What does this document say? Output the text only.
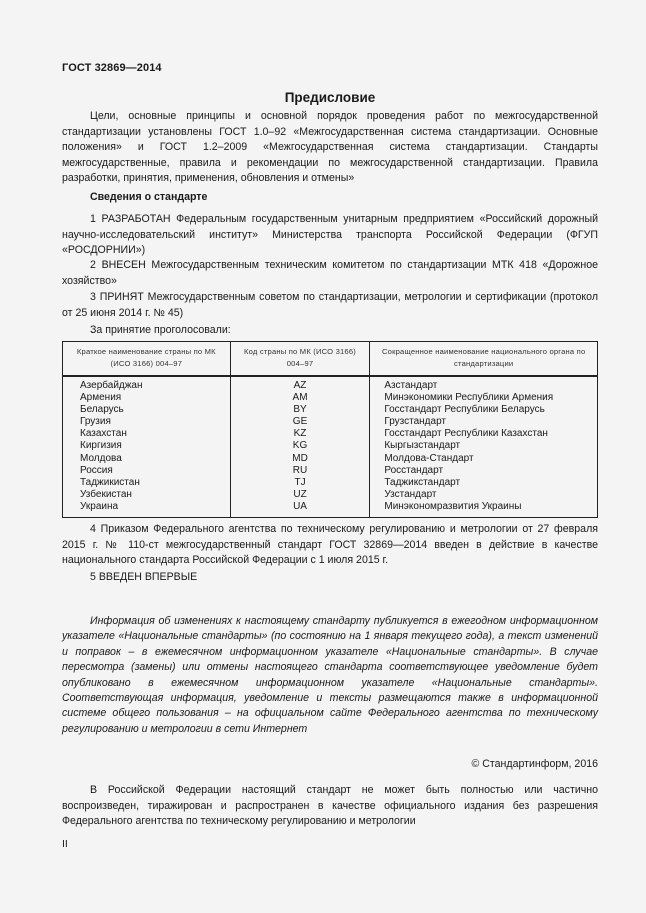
ГОСТ 32869—2014
Предисловие

Цели, основные принципы и основной порядок проведения работ по межгосударственной стандартизации установлены ГОСТ 1.0–92 «Межгосударственная система стандартизации. Основные положения» и ГОСТ 1.2–2009 «Межгосударственная система стандартизации. Стандарты межгосударственные, правила и рекомендации по межгосударственной стандартизации. Правила разработки, принятия, применения, обновления и отмены»

Сведения о стандарте

1 РАЗРАБОТАН Федеральным государственным унитарным предприятием «Российский дорожный научно-исследовательский институт» Министерства транспорта Российской Федерации (ФГУП «РОСДОРНИИ»)

2 ВНЕСЕН Межгосударственным техническим комитетом по стандартизации МТК 418 «Дорожное хозяйство»

3 ПРИНЯТ Межгосударственным советом по стандартизации, метрологии и сертификации (протокол от 25 июня 2014 г. № 45)

За принятие проголосовали:

Краткое наименование страны по МК (ИСО 3166) 004–97	Код страны по МК (ИСО 3166) 004–97	Сокращенное наименование национального органа по стандартизации
Азербайджан	AZ	Азстандарт
Армения	AM	Минэкономики Республики Армения
Беларусь	BY	Госстандарт Республики Беларусь
Грузия	GE	Грузстандарт
Казахстан	KZ	Госстандарт Республики Казахстан
Киргизия	KG	Кыргызстандарт
Молдова	MD	Молдова-Стандарт
Россия	RU	Росстандарт
Таджикистан	TJ	Таджикстандарт
Узбекистан	UZ	Узстандарт
Украина	UA	Минэкономразвития Украины

4 Приказом Федерального агентства по техническому регулированию и метрологии от 27 февраля 2015 г. № 110-ст межгосударственный стандарт ГОСТ 32869—2014 введен в действие в качестве национального стандарта Российской Федерации с 1 июля 2015 г.

5 ВВЕДЕН ВПЕРВЫЕ

Информация об изменениях к настоящему стандарту публикуется в ежегодном информационном указателе «Национальные стандарты» (по состоянию на 1 января текущего года), а текст изменений и поправок – в ежемесячном информационном указателе «Национальные стандарты». В случае пересмотра (замены) или отмены настоящего стандарта соответствующее уведомление будет опубликовано в ежемесячном информационном указателе «Национальные стандарты». Соответствующая информация, уведомление и тексты размещаются также в информационной системе общего пользования – на официальном сайте Федерального агентства по техническому регулированию и метрологии в сети Интернет

© Стандартинформ, 2016

В Российской Федерации настоящий стандарт не может быть полностью или частично воспроизведен, тиражирован и распространен в качестве официального издания без разрешения Федерального агентства по техническому регулированию и метрологии

II
